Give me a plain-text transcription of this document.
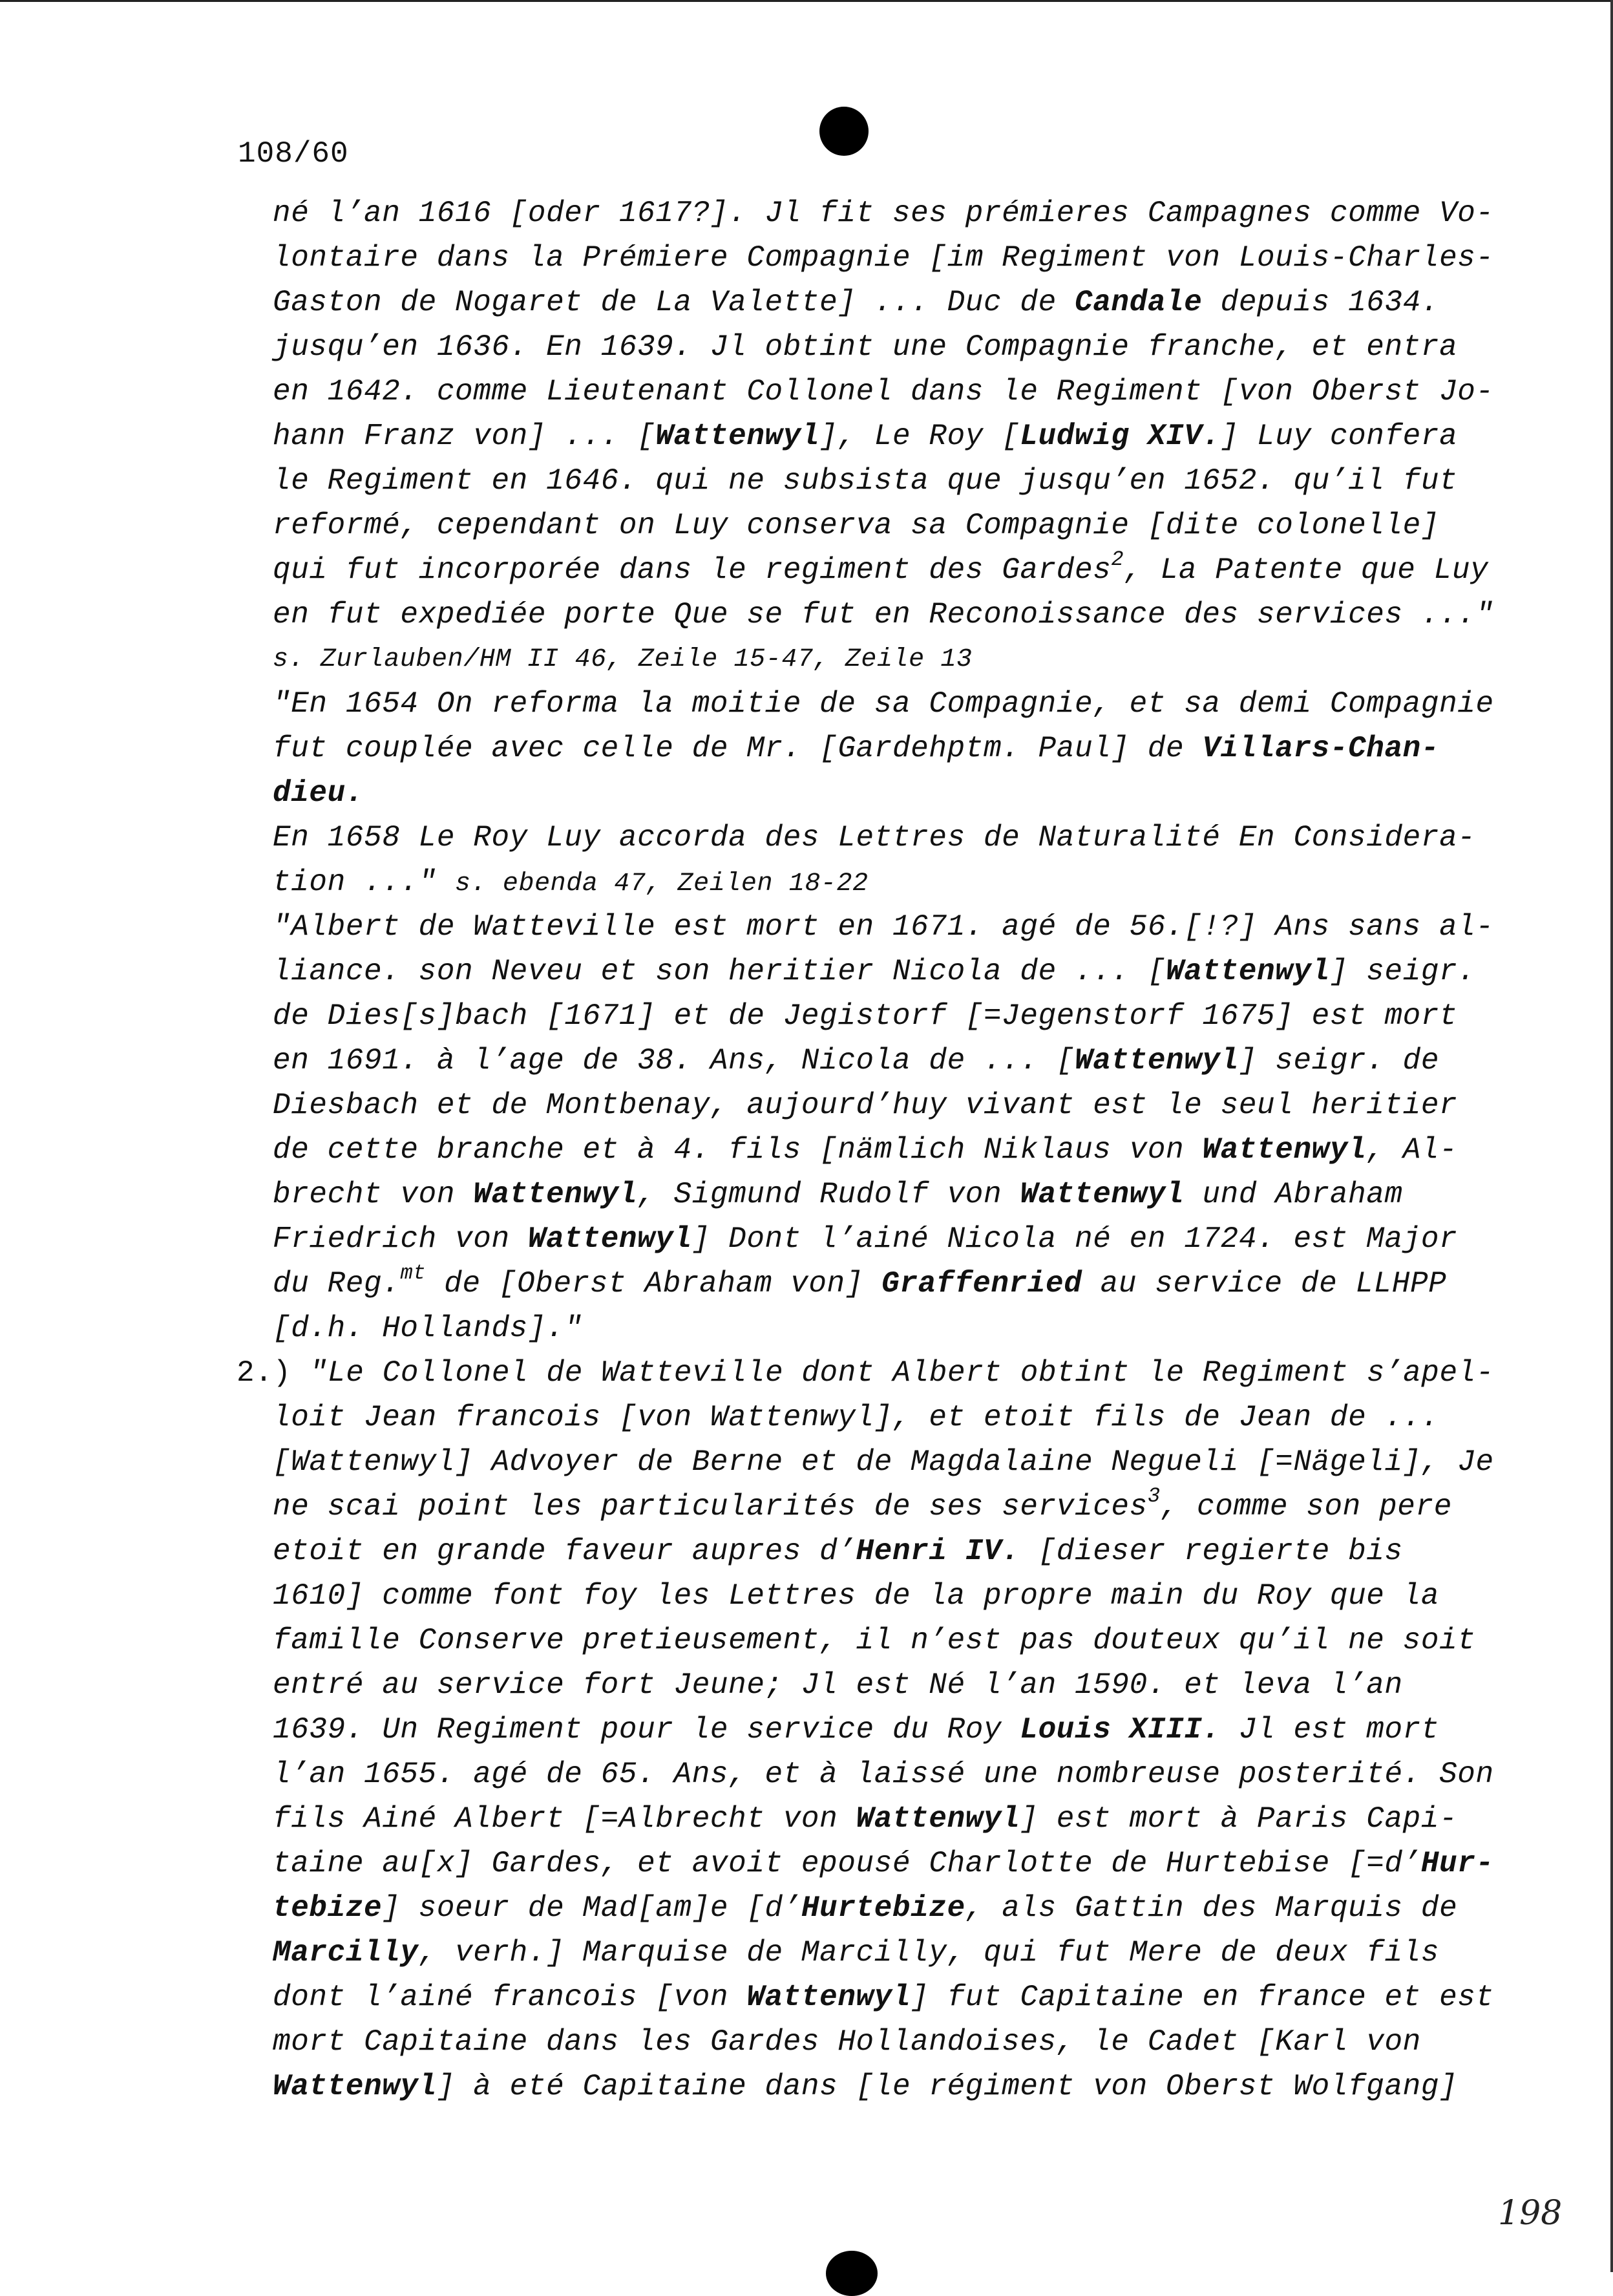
108/60
né l’an 1616 [oder 1617?]. Jl fit ses prémieres Campagnes comme Vo-
lontaire dans la Prémiere Compagnie [im Regiment von Louis-Charles-
Gaston de Nogaret de La Valette] ... Duc de Candale depuis 1634.
jusqu’en 1636. En 1639. Jl obtint une Compagnie franche, et entra
en 1642. comme Lieutenant Collonel dans le Regiment [von Oberst Jo-
hann Franz von] ... [Wattenwyl], Le Roy [Ludwig XIV.] Luy confera
le Regiment en 1646. qui ne subsista que jusqu’en 1652. qu’il fut
reformé, cependant on Luy conserva sa Compagnie [dite colonelle]
qui fut incorporée dans le regiment des Gardes$^2$, La Patente que Luy
en fut expediée porte Que se fut en Reconoissance des services ..."
s. Zurlauben/HM II 46, Zeile 15-47, Zeile 13
"En 1654 On reforma la moitie de sa Compagnie, et sa demi Compagnie
fut couplée avec celle de Mr. [Gardehptm. Paul] de Villars-Chan-
dieu.
En 1658 Le Roy Luy accorda des Lettres de Naturalité En Considera-
tion ..." s. ebenda 47, Zeilen 18-22
"Albert de Watteville est mort en 1671. agé de 56.[!?] Ans sans al-
liance. son Neveu et son heritier Nicola de ... [Wattenwyl] seigr.
de Dies[s]bach [1671] et de Jegistorf [=Jegenstorf 1675] est mort
en 1691. à l’age de 38. Ans, Nicola de ... [Wattenwyl] seigr. de
Diesbach et de Montbenay, aujourd’huy vivant est le seul heritier
de cette branche et à 4. fils [nämlich Niklaus von Wattenwyl, Al-
brecht von Wattenwyl, Sigmund Rudolf von Wattenwyl und Abraham
Friedrich von Wattenwyl] Dont l’ainé Nicola né en 1724. est Major
du Reg.$^{mt}$ de [Oberst Abraham von] Graffenried au service de LLHPP
[d.h. Hollands]."
2.) "Le Collonel de Watteville dont Albert obtint le Regiment s’apel-
loit Jean francois [von Wattenwyl], et etoit fils de Jean de ...
[Wattenwyl] Advoyer de Berne et de Magdalaine Negueli [=Nägeli], Je
ne scai point les particularités de ses services$^3$, comme son pere
etoit en grande faveur aupres d’Henri IV. [dieser regierte bis
1610] comme font foy les Lettres de la propre main du Roy que la
famille Conserve pretieusement, il n’est pas douteux qu’il ne soit
entré au service fort Jeune; Jl est Né l’an 1590. et leva l’an
1639. Un Regiment pour le service du Roy Louis XIII. Jl est mort
l’an 1655. agé de 65. Ans, et à laissé une nombreuse posterité. Son
fils Ainé Albert [=Albrecht von Wattenwyl] est mort à Paris Capi-
taine au[x] Gardes, et avoit epousé Charlotte de Hurtebise [=d’Hur-
tebize] soeur de Mad[am]e [d’Hurtebize, als Gattin des Marquis de
Marcilly, verh.] Marquise de Marcilly, qui fut Mere de deux fils
dont l’ainé francois [von Wattenwyl] fut Capitaine en france et est
mort Capitaine dans les Gardes Hollandoises, le Cadet [Karl von
Wattenwyl] à eté Capitaine dans [le régiment von Oberst Wolfgang]
198
